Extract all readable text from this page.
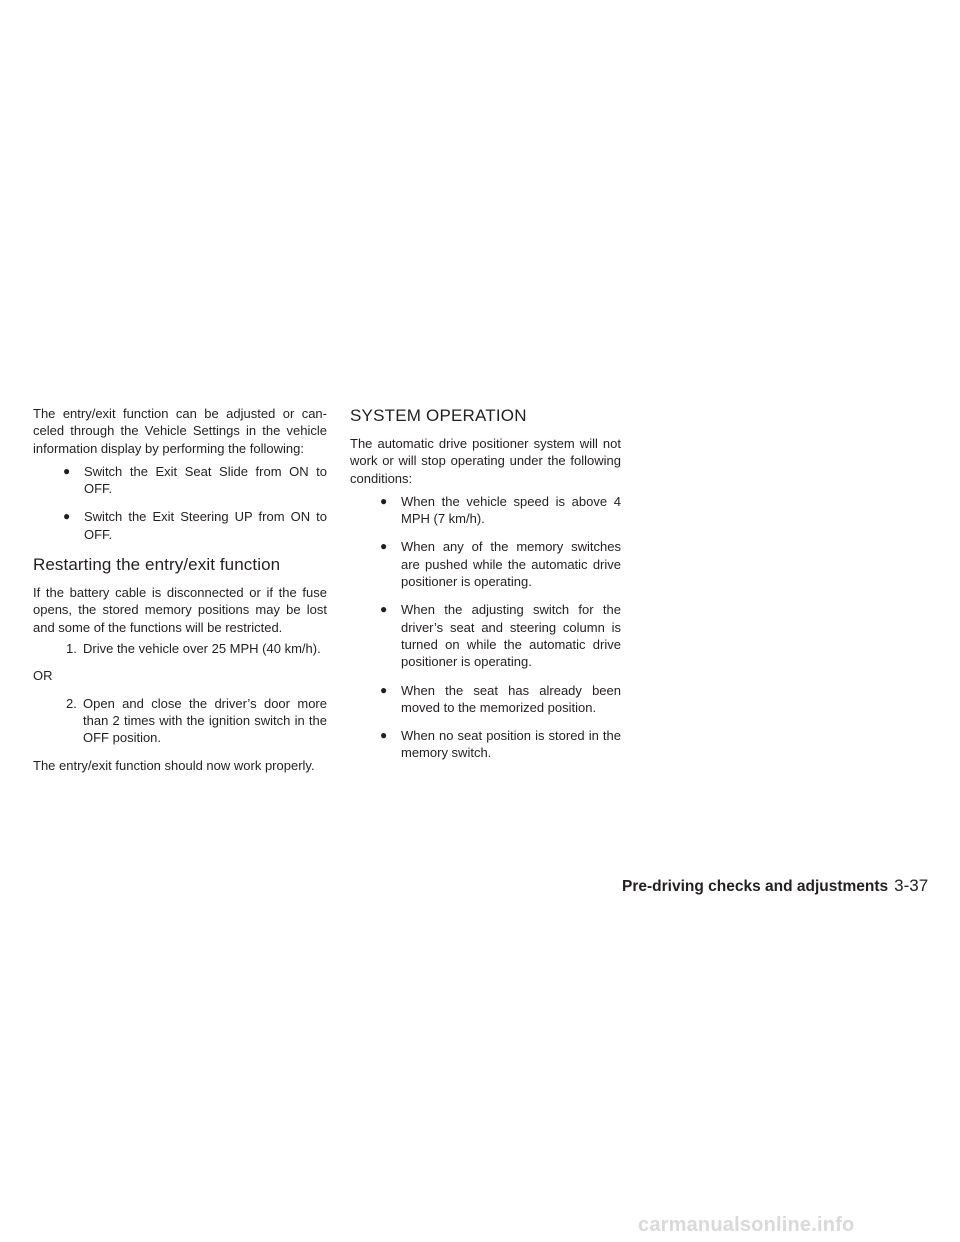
The entry/exit function can be adjusted or can-celed through the Vehicle Settings in the vehicle information display by performing the following:

● Switch the Exit Seat Slide from ON to OFF.
● Switch the Exit Steering UP from ON to OFF.
Restarting the entry/exit function

If the battery cable is disconnected or if the fuse opens, the stored memory positions may be lost and some of the functions will be restricted.

1. Drive the vehicle over 25 MPH (40 km/h).

OR

2. Open and close the driver’s door more than 2 times with the ignition switch in the OFF position.

The entry/exit function should now work properly.

SYSTEM OPERATION

The automatic drive positioner system will not work or will stop operating under the following conditions:

● When the vehicle speed is above 4 MPH (7 km/h).
● When any of the memory switches are pushed while the automatic drive positioner is operating.
● When the adjusting switch for the driver’s seat and steering column is turned on while the automatic drive positioner is operating.
● When the seat has already been moved to the memorized position.
● When no seat position is stored in the memory switch.
Pre-driving checks and adjustments 3-37
carmanualsonline.info
